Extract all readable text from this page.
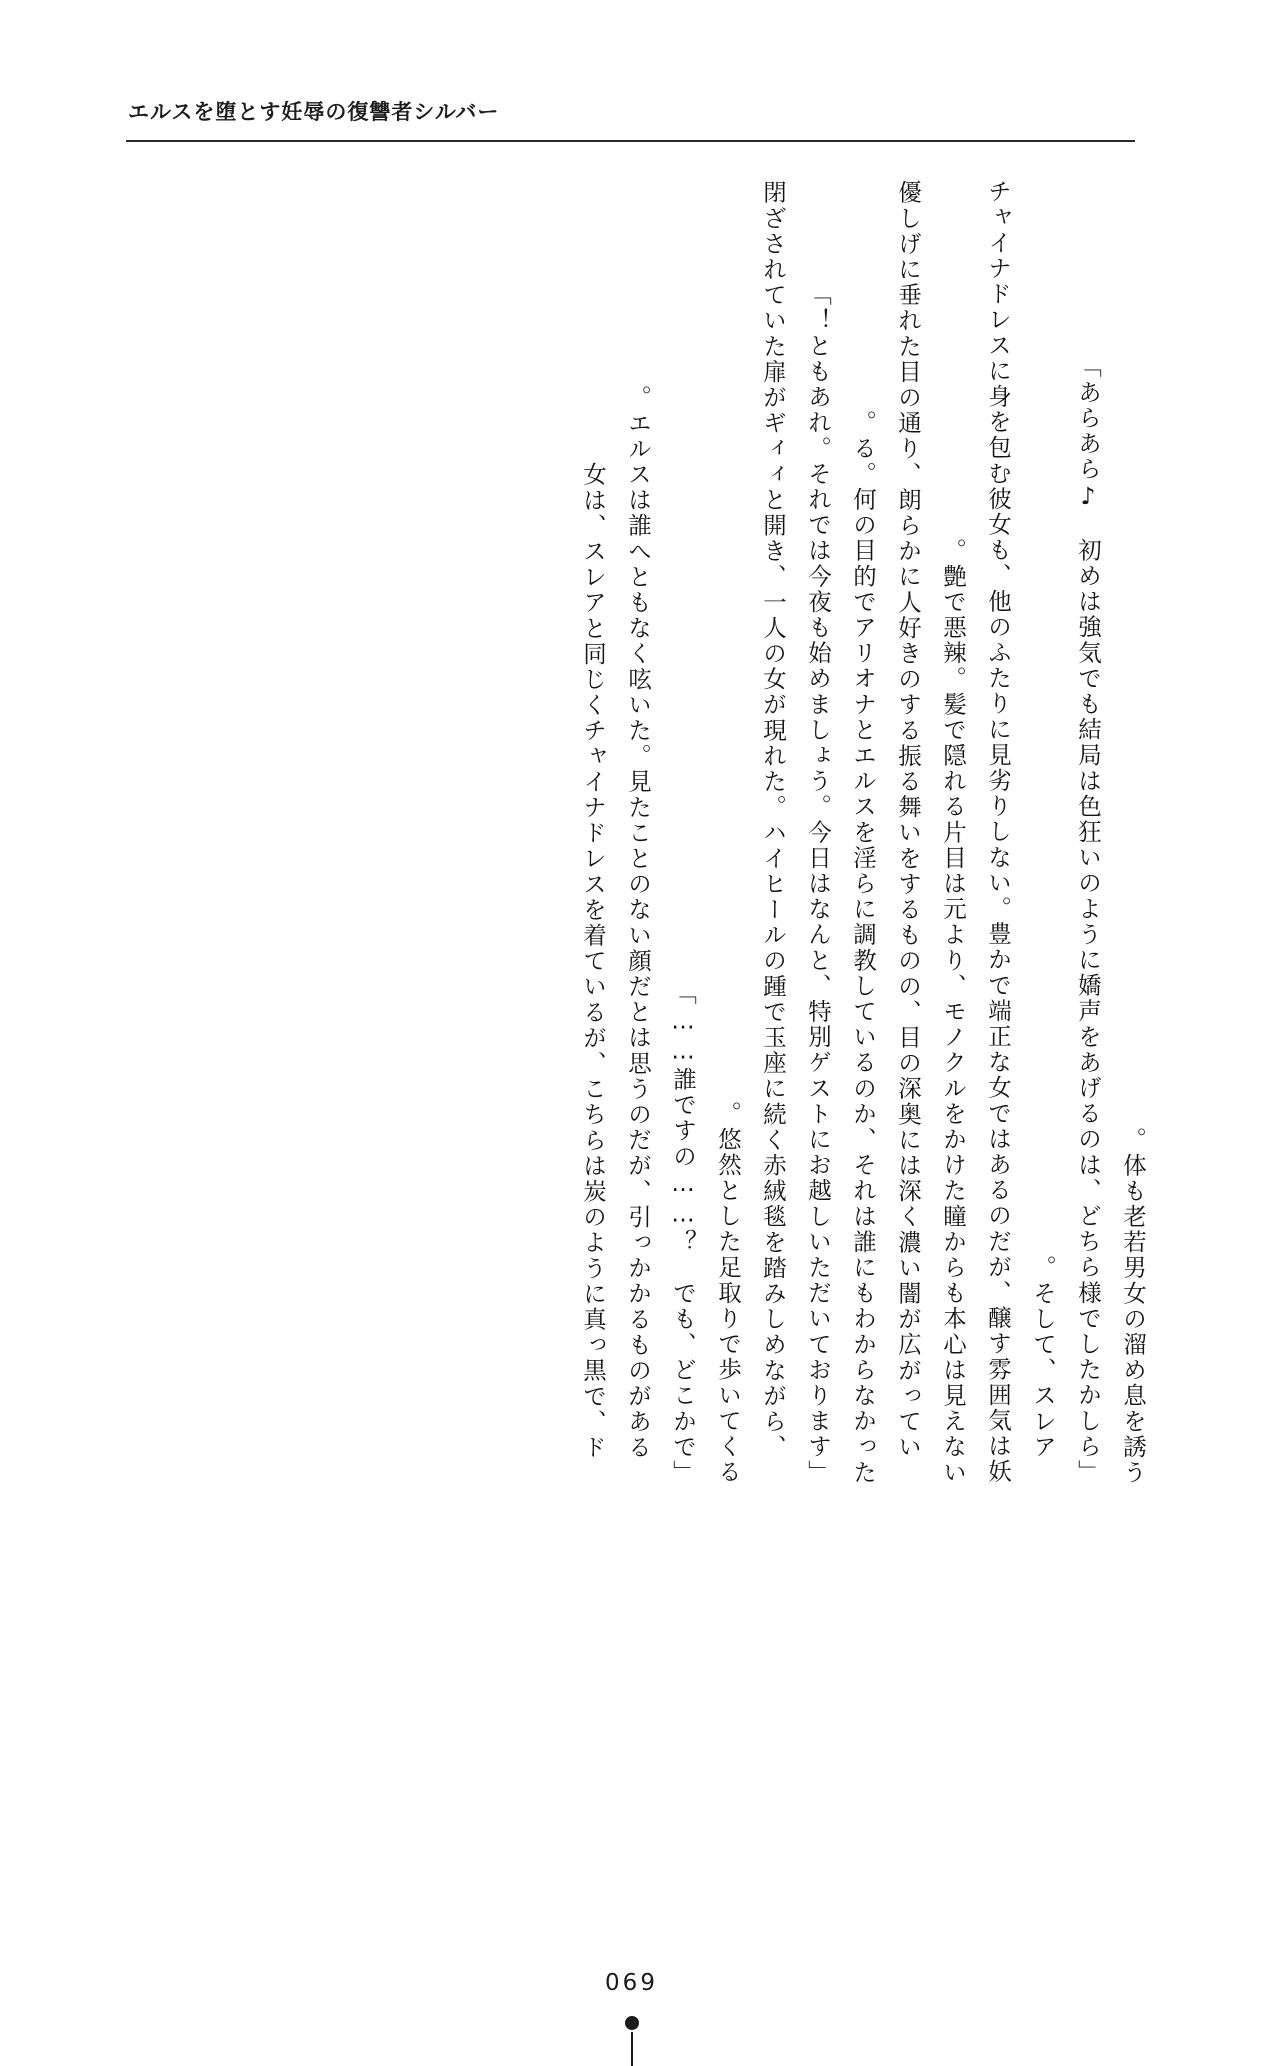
エルスを堕とす妊辱の復讐者シルバー

体も老若男女の溜め息を誘う。

「あらあら♪　初めは強気でも結局は色狂いのように嬌声をあげるのは、どちら様でしたかしら」

そして、スレア。

チャイナドレスに身を包む彼女も、他のふたりに見劣りしない。豊かで端正な女ではあるのだが、醸す雰囲気は妖艶で悪辣。髪で隠れる片目は元より、モノクルをかけた瞳からも本心は見えない。

優しげに垂れた目の通り、朗らかに人好きのする振る舞いをするものの、目の深奥には深く濃い闇が広がっている。何の目的でアリオナとエルスを淫らに調教しているのか、それは誰にもわからなかった。

「ともあれ。それでは今夜も始めましょう。今日はなんと、特別ゲストにお越しいただいております！」

閉ざされていた扉がギィィと開き、一人の女が現れた。ハイヒールの踵で玉座に続く赤絨毯を踏みしめながら、悠然とした足取りで歩いてくる。

「誰ですの……？　でも、どこかで……」

エルスは誰へともなく呟いた。見たことのない顔だとは思うのだが、引っかかるものがある。

女は、スレアと同じくチャイナドレスを着ているが、こちらは炭のように真っ黒で、ド

069
